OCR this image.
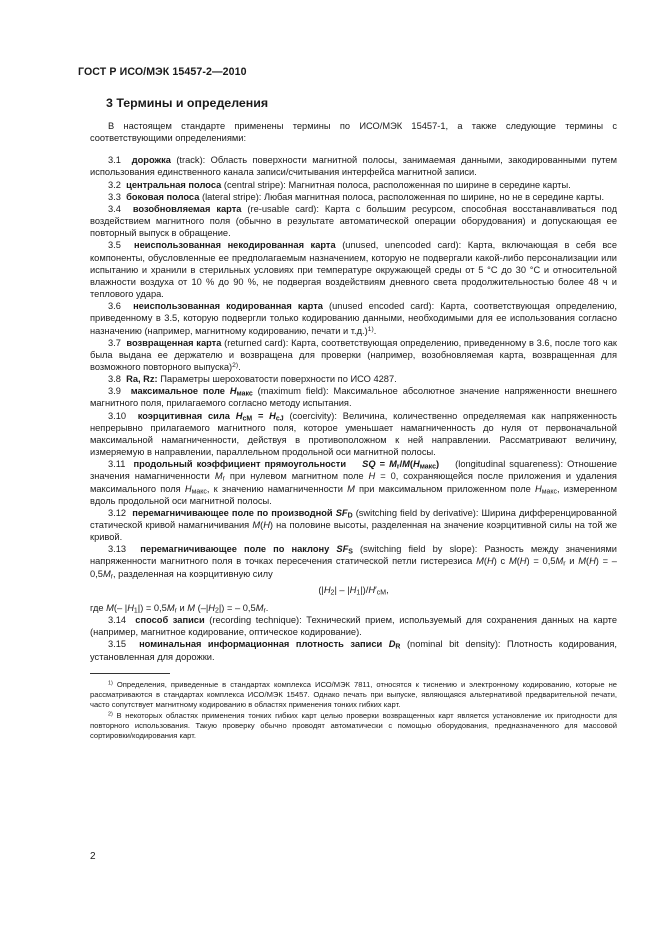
ГОСТ Р ИСО/МЭК 15457-2—2010
3 Термины и определения

В настоящем стандарте применены термины по ИСО/МЭК 15457-1, а также следующие термины с соответствующими определениями:

3.1 дорожка (track): Область поверхности магнитной полосы, занимаемая данными, закодированными путем использования единственного канала записи/считывания интерфейса магнитной записи.

3.2 центральная полоса (central stripe): Магнитная полоса, расположенная по ширине в середине карты.

3.3 боковая полоса (lateral stripe): Любая магнитная полоса, расположенная по ширине, но не в середине карты.

3.4 возобновляемая карта (re-usable card): Карта с большим ресурсом, способная восстанавливаться под воздействием магнитного поля (обычно в результате автоматической операции оборудования) и допускающая ее повторный выпуск в обращение.

3.5 неиспользованная некодированная карта (unused, unencoded card): Карта, включающая в себя все компоненты, обусловленные ее предполагаемым назначением, которую не подвергали какой-либо персонализации или испытанию и хранили в стерильных условиях при температуре окружающей среды от 5 °С до 30 °С и относительной влажности воздуха от 10 % до 90 %, не подвергая воздействиям дневного света продолжительностью более 48 ч и теплового удара.

3.6 неиспользованная кодированная карта (unused encoded card): Карта, соответствующая определению, приведенному в 3.5, которую подвергли только кодированию данными, необходимыми для ее использования согласно назначению (например, магнитному кодированию, печати и т.д.)$^{1)}$.

3.7 возвращенная карта (returned card): Карта, соответствующая определению, приведенному в 3.6, после того как была выдана ее держателю и возвращена для проверки (например, возобновляемая карта, возвращенная для возможного повторного выпуска)$^{2)}$.

3.8 Ra, Rz: Параметры шероховатости поверхности по ИСО 4287.

3.9 максимальное поле $H_{макс}$ (maximum field): Максимальное абсолютное значение напряженности внешнего магнитного поля, прилагаемого согласно методу испытания.

3.10 коэрцитивная сила $H_{cM} = H_{cJ}$ (coercivity): Величина, количественно определяемая как напряженность непрерывно прилагаемого магнитного поля, которое уменьшает намагниченность до нуля от первоначальной максимальной намагниченности, действуя в противоположном к ней направлении. Рассматривают величину, измеряемую в направлении, параллельном продольной оси магнитной полосы.

3.11 продольный коэффициент прямоугольности SQ = $M_r/M(H_{макс})$ (longitudinal squareness): Отношение значения намагниченности $M_r$ при нулевом магнитном поле H = 0, сохраняющейся после приложения и удаления максимального поля $H_{макс}$, к значению намагниченности M при максимальном приложенном поле $H_{макс}$, измеренном вдоль продольной оси магнитной полосы.

3.12 перемагничивающее поле по производной $SF_D$ (switching field by derivative): Ширина дифференцированной статической кривой намагничивания M(H) на половине высоты, разделенная на значение коэрцитивной силы на той же кривой.

3.13 перемагничивающее поле по наклону $SF_S$ (switching field by slope): Разность между значениями напряженности магнитного поля в точках пересечения статической петли гистерезиса M(H) с $M(H) = 0,5M_r$ и M(H) = – $0,5M_r$, разделенная на коэрцитивную силу

$(|H_2| - |H_1|)/H'_{cM}$,

где M(– $|H_1|) = 0,5M_r$ и M $(-|H_2|)$ = – $0,5M_r$.

3.14 способ записи (recording technique): Технический прием, используемый для сохранения данных на карте (например, магнитное кодирование, оптическое кодирование).

3.15 номинальная информационная плотность записи $D_R$ (nominal bit density): Плотность кодирования, установленная для дорожки.

$^{1)}$ Определения, приведенные в стандартах комплекса ИСО/МЭК 7811, относятся к тиснению и электронному кодированию, которые не рассматриваются в стандартах комплекса ИСО/МЭК 15457. Однако печать при выпуске, являющаяся альтернативой предварительной печати, часто сопутствует магнитному кодированию в областях применения тонких гибких карт.

$^{2)}$ В некоторых областях применения тонких гибких карт целью проверки возвращенных карт является установление их пригодности для повторного использования. Такую проверку обычно проводят автоматически с помощью оборудования, предназначенного для массовой сортировки/кодирования карт.

2
